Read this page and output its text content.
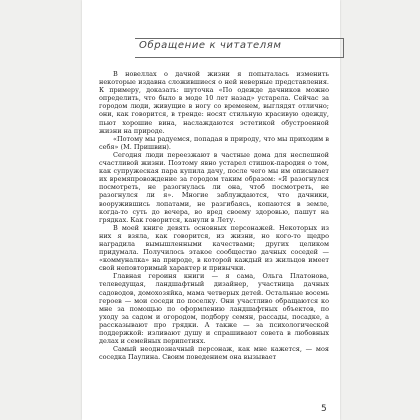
Обращение к читателям

В новеллах о дачной жизни я попыталась изменить некоторые издавна сложившиеся о ней неверные представления. К примеру, доказать: шуточка «По одежде дачников можно определить, что было в моде 10 лет назад» устарела. Сейчас за городом люди, живущие в ногу со временем, выглядят отлично; они, как говорится, в тренде: носят стильную красивую одежду, пьют хорошие вина, наслаждаются эстетикой обустроенной жизни на природе.

«Потому мы радуемся, попадая в природу, что мы приходим в себя» (М. Пришвин).

Сегодня люди переезжают в частные дома для неспешной счастливой жизни. Поэтому явно устарел стишок-пародия о том, как супружеская пара купила дачу, после чего мы им описывает их времяпровождение за городом таким образом: «Я разогнулся посмотреть, не разогнулась ли она, чтоб посмотреть, не разогнулся ли я». Многие заблуждаются, что дачники, вооружившись лопатами, не разгибаясь, копаются в земле, когда-то суть до вечера, во вред своему здоровью, пашут на грядках. Как говорится, канули в Лету.

В моей книге девять основных персонажей. Некоторых из них я взяла, как говорится, из жизни, но кого-то щедро наградила вымышленными качествами; других целиком придумала. Получилось этакое сообщество дачных соседей — «коммуналка» на природе, в которой каждый из жильцов имеет свой неповторимый характер и привычки.

Главная героиня книги — я сама, Ольга Платонова, телеведущая, ландшафтный дизайнер, участница дачных садоводов, домохозяйка, мама четверых детей. Остальные восемь героев — мои соседи по поселку. Они участливо обращаются ко мне за помощью по оформлению ландшафтных объектов, по уходу за садом и огородом, подбору семян, рассады, посадке, а рассказывают про грядки. А также — за психологической поддержкой: изливают душу и спрашивают совета в любовных делах и семейных перипетиях.

Самый неоднозначный персонаж, как мне кажется, — моя соседка Паулина. Своим поведением она вызывает

5
